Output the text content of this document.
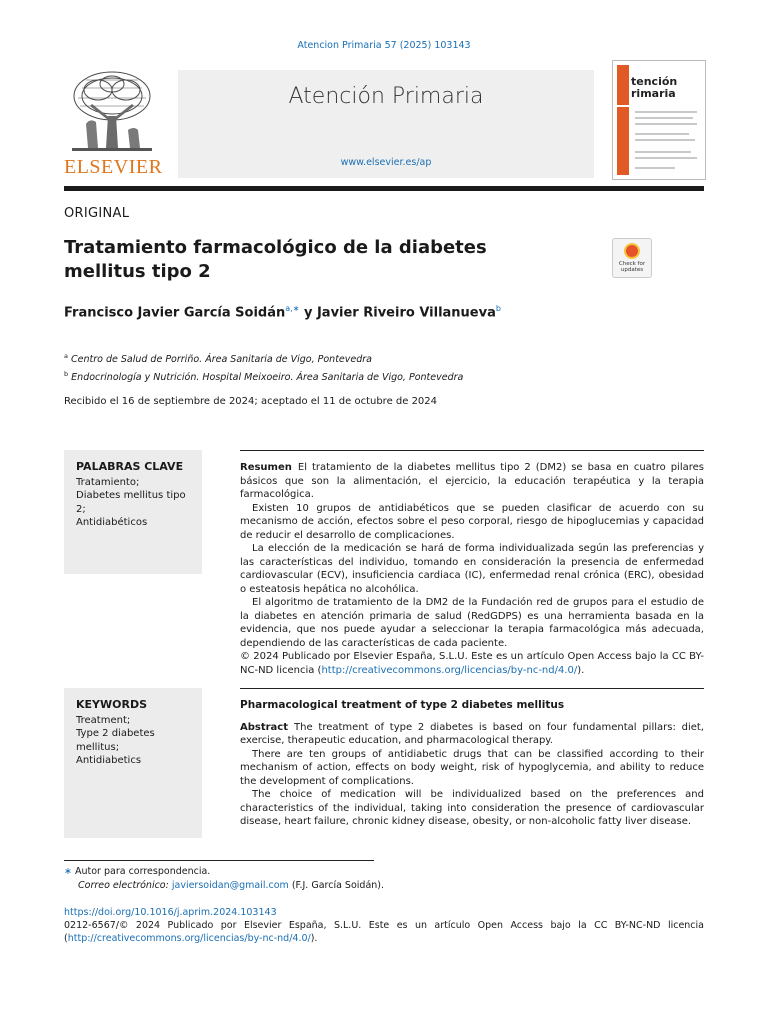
Atencion Primaria 57 (2025) 103143
ELSEVIER
Atención Primaria
www.elsevier.es/ap
tención
rimaria
ORIGINAL
Tratamiento farmacológico de la diabetes mellitus tipo 2	Check for updates
Francisco Javier García Soidán$^{a,∗}$ y Javier Riveiro Villanueva$^b$
$^a$ Centro de Salud de Porriño. Área Sanitaria de Vigo, Pontevedra
$^b$ Endocrinología y Nutrición. Hospital Meixoeiro. Área Sanitaria de Vigo, Pontevedra
Recibido el 16 de septiembre de 2024; aceptado el 11 de octubre de 2024
PALABRAS CLAVE
Tratamiento;
Diabetes mellitus tipo 2;
Antidiabéticos

Resumen El tratamiento de la diabetes mellitus tipo 2 (DM2) se basa en cuatro pilares básicos que son la alimentación, el ejercicio, la educación terapéutica y la terapia farmacológica.

Existen 10 grupos de antidiabéticos que se pueden clasificar de acuerdo con su mecanismo de acción, efectos sobre el peso corporal, riesgo de hipoglucemias y capacidad de reducir el desarrollo de complicaciones.

La elección de la medicación se hará de forma individualizada según las preferencias y las características del individuo, tomando en consideración la presencia de enfermedad cardiovascular (ECV), insuficiencia cardiaca (IC), enfermedad renal crónica (ERC), obesidad o esteatosis hepática no alcohólica.

El algoritmo de tratamiento de la DM2 de la Fundación red de grupos para el estudio de la diabetes en atención primaria de salud (RedGDPS) es una herramienta basada en la evidencia, que nos puede ayudar a seleccionar la terapia farmacológica más adecuada, dependiendo de las características de cada paciente.

© 2024 Publicado por Elsevier España, S.L.U. Este es un artículo Open Access bajo la CC BY-NC-ND licencia (http://creativecommons.org/licencias/by-nc-nd/4.0/).

KEYWORDS
Treatment;
Type 2 diabetes mellitus;
Antidiabetics
Pharmacological treatment of type 2 diabetes mellitus

Abstract The treatment of type 2 diabetes is based on four fundamental pillars: diet, exercise, therapeutic education, and pharmacological therapy.

There are ten groups of antidiabetic drugs that can be classified according to their mechanism of action, effects on body weight, risk of hypoglycemia, and ability to reduce the development of complications.

The choice of medication will be individualized based on the preferences and characteristics of the individual, taking into consideration the presence of cardiovascular disease, heart failure, chronic kidney disease, obesity, or non-alcoholic fatty liver disease.

∗ Autor para correspondencia.
Correo electrónico: javiersoidan@gmail.com (F.J. García Soidán).
https://doi.org/10.1016/j.aprim.2024.103143
0212-6567/© 2024 Publicado por Elsevier España, S.L.U. Este es un artículo Open Access bajo la CC BY-NC-ND licencia (http://creativecommons.org/licencias/by-nc-nd/4.0/).
